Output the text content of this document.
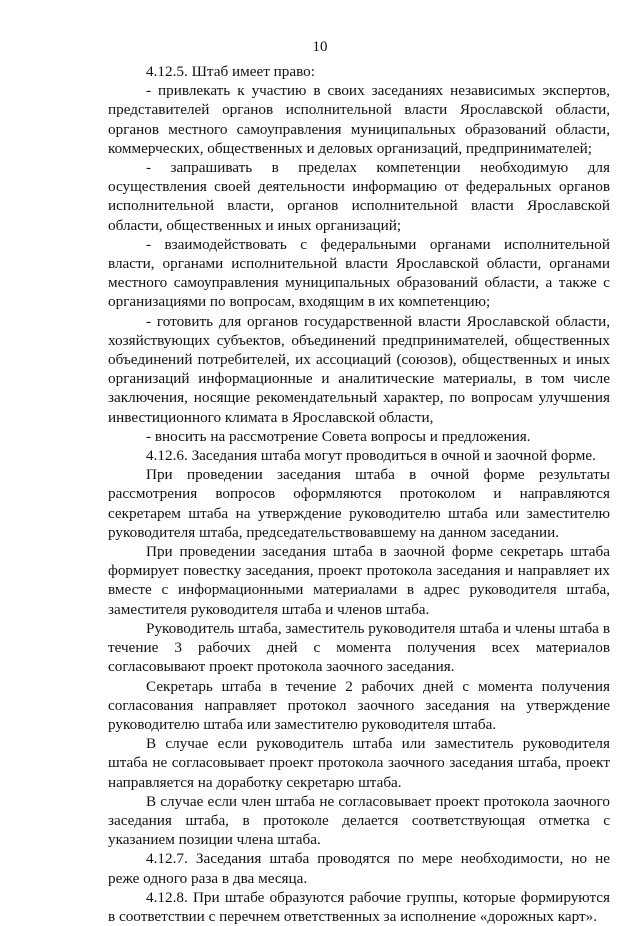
10

4.12.5. Штаб имеет право:

- привлекать к участию в своих заседаниях независимых экспертов, представителей органов исполнительной власти Ярославской области, органов местного самоуправления муниципальных образований области, коммерческих, общественных и деловых организаций, предпринимателей;

- запрашивать в пределах компетенции необходимую для осуществления своей деятельности информацию от федеральных органов исполнительной власти, органов исполнительной власти Ярославской области, общественных и иных организаций;

- взаимодействовать с федеральными органами исполнительной власти, органами исполнительной власти Ярославской области, органами местного самоуправления муниципальных образований области, а также с организациями по вопросам, входящим в их компетенцию;

- готовить для органов государственной власти Ярославской области, хозяйствующих субъектов, объединений предпринимателей, общественных объединений потребителей, их ассоциаций (союзов), общественных и иных организаций информационные и аналитические материалы, в том числе заключения, носящие рекомендательный характер, по вопросам улучшения инвестиционного климата в Ярославской области,

- вносить на рассмотрение Совета вопросы и предложения.

4.12.6. Заседания штаба могут проводиться в очной и заочной форме.

При проведении заседания штаба в очной форме результаты рассмотрения вопросов оформляются протоколом и направляются секретарем штаба на утверждение руководителю штаба или заместителю руководителя штаба, председательствовавшему на данном заседании.

При проведении заседания штаба в заочной форме секретарь штаба формирует повестку заседания, проект протокола заседания и направляет их вместе с информационными материалами в адрес руководителя штаба, заместителя руководителя штаба и членов штаба.

Руководитель штаба, заместитель руководителя штаба и члены штаба в течение 3 рабочих дней с момента получения всех материалов согласовывают проект протокола заочного заседания.

Секретарь штаба в течение 2 рабочих дней с момента получения согласования направляет протокол заочного заседания на утверждение руководителю штаба или заместителю руководителя штаба.

В случае если руководитель штаба или заместитель руководителя штаба не согласовывает проект протокола заочного заседания штаба, проект направляется на доработку секретарю штаба.

В случае если член штаба не согласовывает проект протокола заочного заседания штаба, в протоколе делается соответствующая отметка с указанием позиции члена штаба.

4.12.7. Заседания штаба проводятся по мере необходимости, но не реже одного раза в два месяца.

4.12.8. При штабе образуются рабочие группы, которые формируются в соответствии с перечнем ответственных за исполнение «дорожных карт».
